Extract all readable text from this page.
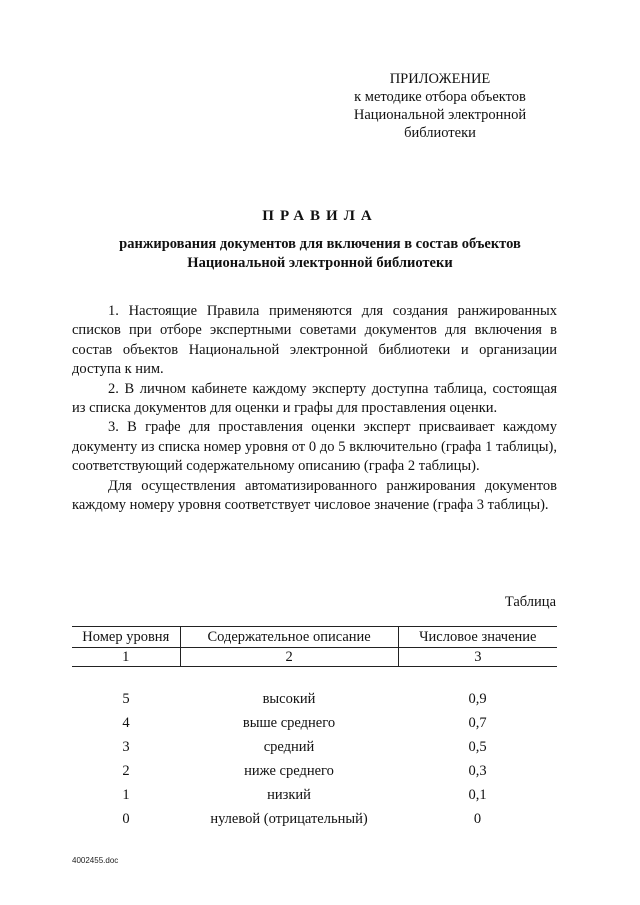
ПРИЛОЖЕНИЕ
к методике отбора объектов
Национальной электронной
библиотеки
ПРАВИЛА
ранжирования документов для включения в состав объектов
Национальной электронной библиотеки

1. Настоящие Правила применяются для создания ранжированных списков при отборе экспертными советами документов для включения в состав объектов Национальной электронной библиотеки и организации доступа к ним.

2. В личном кабинете каждому эксперту доступна таблица, состоящая из списка документов для оценки и графы для проставления оценки.

3. В графе для проставления оценки эксперт присваивает каждому документу из списка номер уровня от 0 до 5 включительно (графа 1 таблицы), соответствующий содержательному описанию (графа 2 таблицы).

Для осуществления автоматизированного ранжирования документов каждому номеру уровня соответствует числовое значение (графа 3 таблицы).

Таблица
Номер уровня	Содержательное описание	Числовое значение
1	2	3
5	высокий	0,9
4	выше среднего	0,7
3	средний	0,5
2	ниже среднего	0,3
1	низкий	0,1
0	нулевой (отрицательный)	0
4002455.doc
